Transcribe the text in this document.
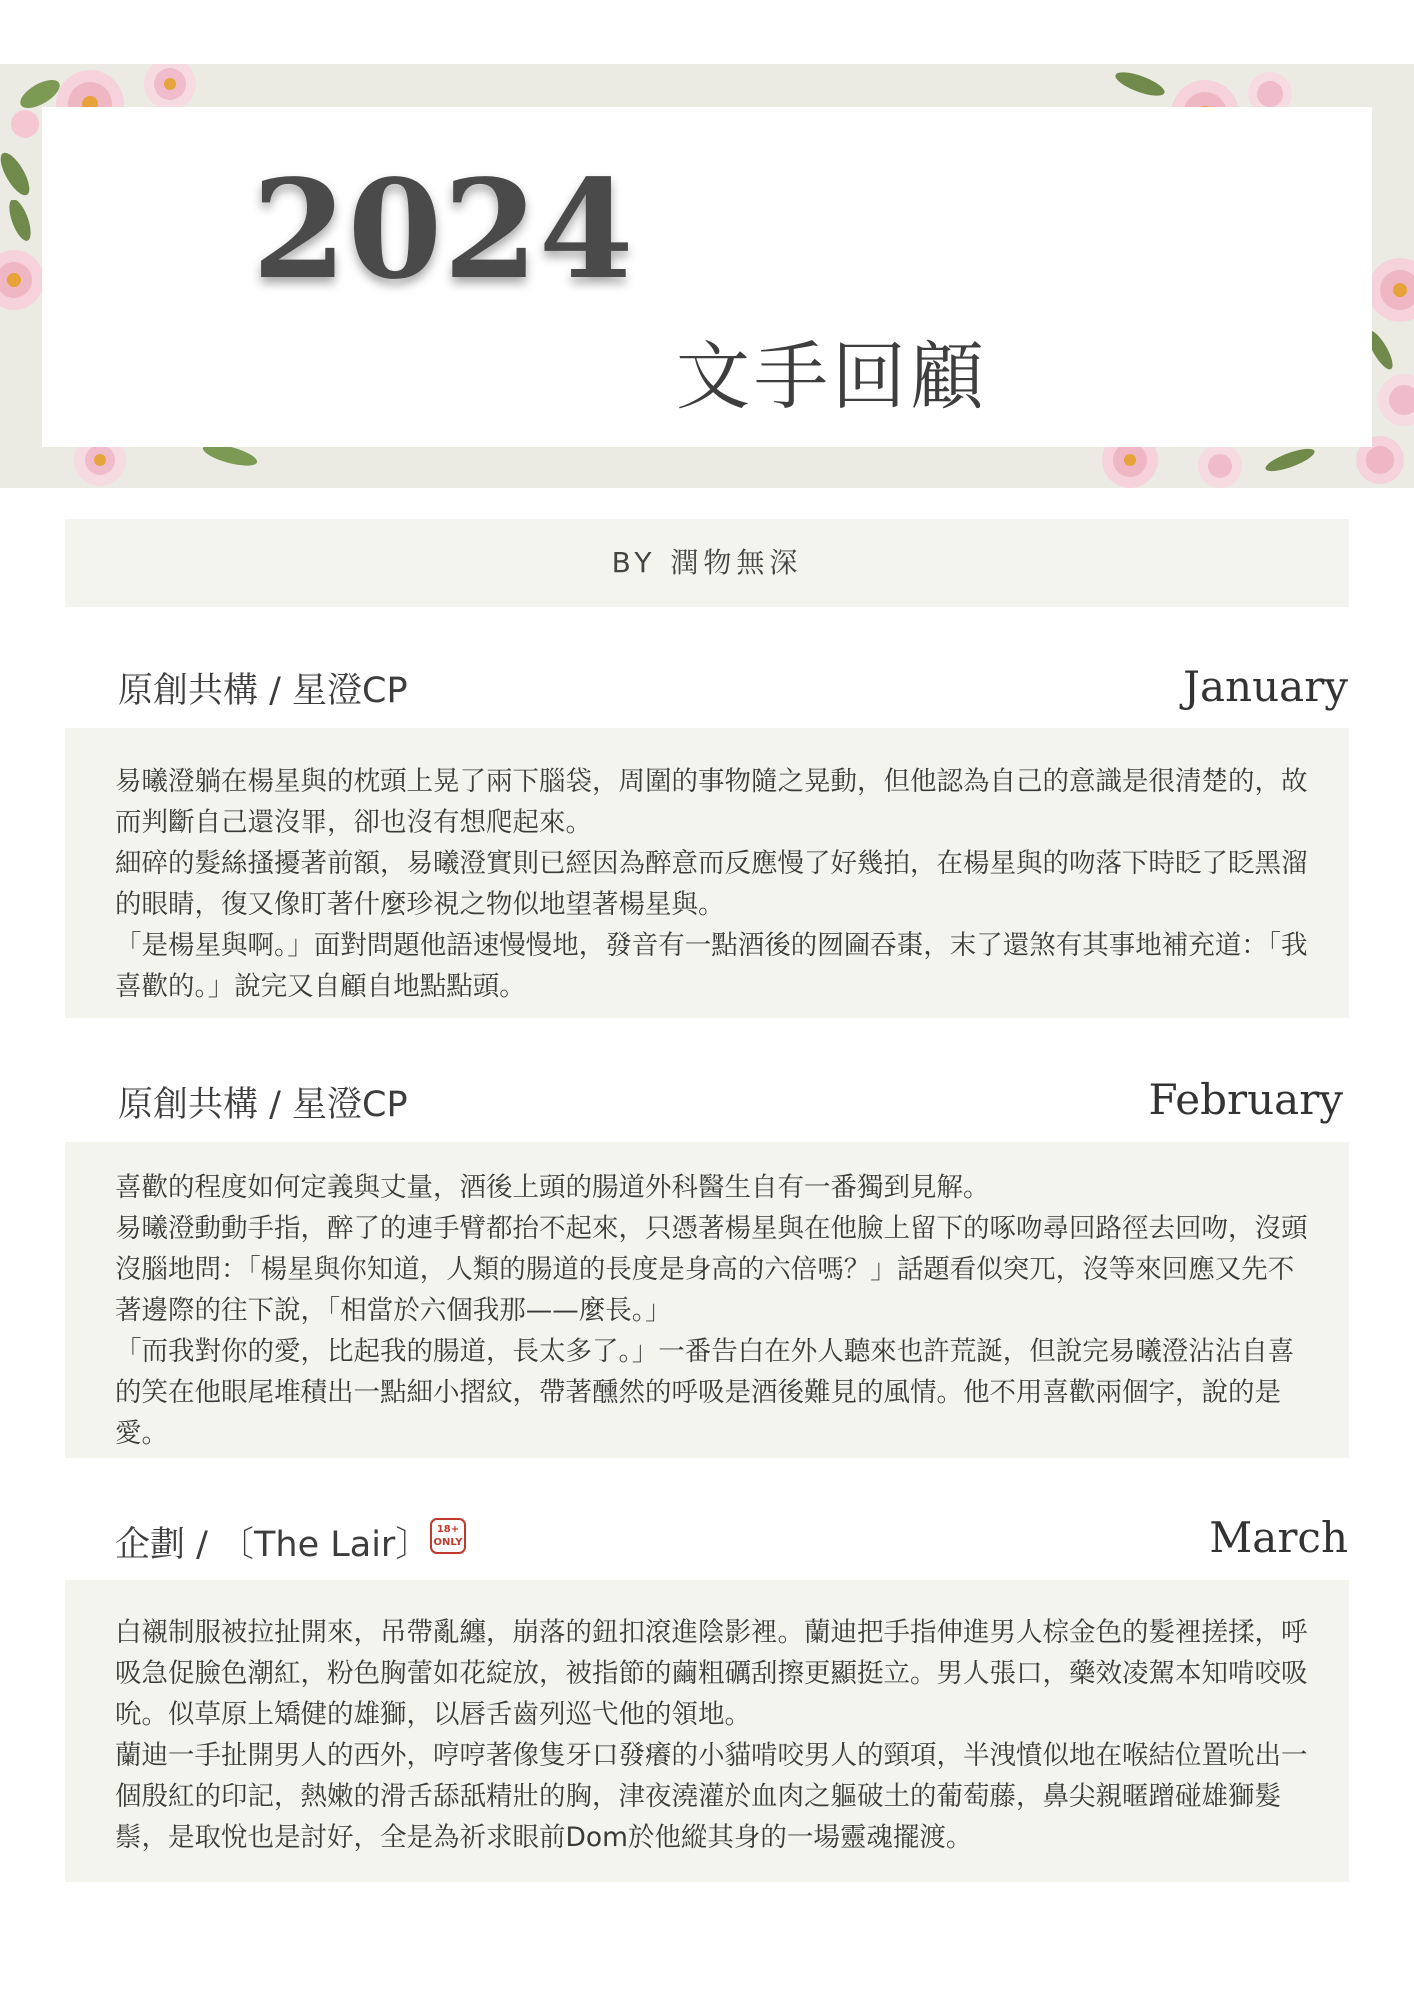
2024
文手回顧
BY 潤物無深
原創共構 / 星澄CP	January

易曦澄躺在楊星與的枕頭上晃了兩下腦袋，周圍的事物隨之晃動，但他認為自己的意識是很清楚的，故而判斷自己還沒罪，卻也沒有想爬起來。

細碎的髮絲搔擾著前額，易曦澄實則已經因為醉意而反應慢了好幾拍，在楊星與的吻落下時眨了眨黑溜的眼睛，復又像盯著什麼珍視之物似地望著楊星與。

「是楊星與啊。」面對問題他語速慢慢地，發音有一點酒後的囫圇吞棗，末了還煞有其事地補充道：「我喜歡的。」說完又自顧自地點點頭。

原創共構 / 星澄CP	February

喜歡的程度如何定義與丈量，酒後上頭的腸道外科醫生自有一番獨到見解。

易曦澄動動手指，醉了的連手臂都抬不起來，只憑著楊星與在他臉上留下的啄吻尋回路徑去回吻，沒頭沒腦地問：「楊星與你知道，人類的腸道的長度是身高的六倍嗎？」話題看似突兀，沒等來回應又先不著邊際的往下說，「相當於六個我那——麼長。」

「而我對你的愛，比起我的腸道，長太多了。」一番告白在外人聽來也許荒誕，但說完易曦澄沾沾自喜的笑在他眼尾堆積出一點細小摺紋，帶著醺然的呼吸是酒後難見的風情。他不用喜歡兩個字，說的是愛。

企劃 / 〔The Lair〕 18+ ONLY	March

白襯制服被拉扯開來，吊帶亂纏，崩落的鈕扣滾進陰影裡。蘭迪把手指伸進男人棕金色的髮裡搓揉，呼吸急促臉色潮紅，粉色胸蕾如花綻放，被指節的繭粗礪刮擦更顯挺立。男人張口，藥效凌駕本知啃咬吸吮。似草原上矯健的雄獅，以唇舌齒列巡弋他的領地。

蘭迪一手扯開男人的西外，哼哼著像隻牙口發癢的小貓啃咬男人的頸項，半洩憤似地在喉結位置吮出一個殷紅的印記，熱嫩的滑舌舔舐精壯的胸，津夜澆灌於血肉之軀破土的葡萄藤，鼻尖親暱蹭碰雄獅髮鬃，是取悅也是討好，全是為祈求眼前Dom於他縱其身的一場靈魂擺渡。
